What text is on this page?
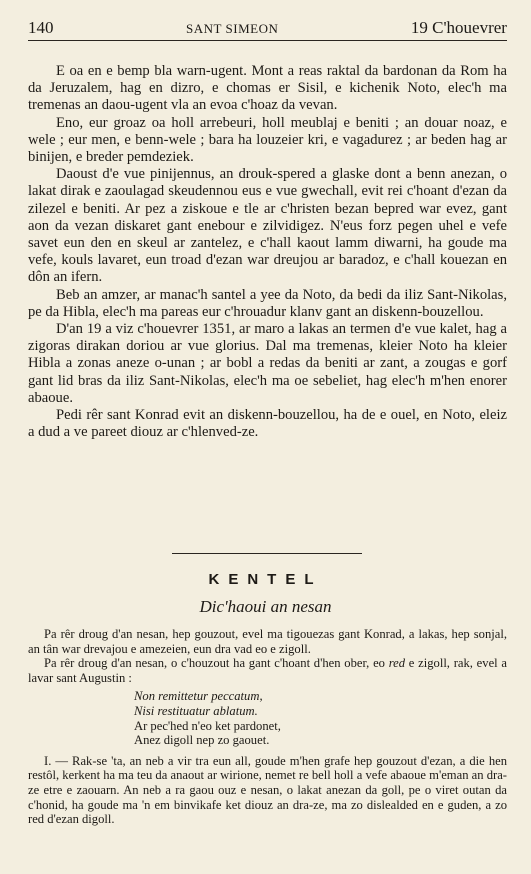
140	SANT SIMEON	19 C'houevrer

E oa en e bemp bla warn-ugent. Mont a reas raktal da bardonan da Rom ha da Jeruzalem, hag en dizro, e chomas er Sisil, e kichenik Noto, elec'h ma tremenas an daou-ugent vla an evoa c'hoaz da vevan.

Eno, eur groaz oa holl arrebeuri, holl meublaj e beniti ; an douar noaz, e wele ; eur men, e benn-wele ; bara ha louzeier kri, e vagadurez ; ar beden hag ar binijen, e breder pemdeziek.

Daoust d'e vue pinijennus, an drouk-spered a glaske dont a benn anezan, o lakat dirak e zaoulagad skeudennou eus e vue gwechall, evit rei c'hoant d'ezan da zilezel e beniti. Ar pez a ziskoue e tle ar c'hristen bezan bepred war evez, gant aon da vezan diskaret gant enebour e zilvidigez. N'eus forz pegen uhel e vefe savet eun den en skeul ar zantelez, e c'hall kaout lamm diwarni, ha goude ma vefe, kouls lavaret, eun troad d'ezan war dreujou ar baradoz, e c'hall kouezan en dôn an ifern.

Beb an amzer, ar manac'h santel a yee da Noto, da bedi da iliz Sant-Nikolas, pe da Hibla, elec'h ma pareas eur c'hrouadur klanv gant an diskenn-bouzellou.

D'an 19 a viz c'houevrer 1351, ar maro a lakas an termen d'e vue kalet, hag a zigoras dirakan doriou ar vue glorius. Dal ma tremenas, kleier Noto ha kleier Hibla a zonas aneze o-unan ; ar bobl a redas da beniti ar zant, a zougas e gorf gant lid bras da iliz Sant-Nikolas, elec'h ma oe sebeliet, hag elec'h m'hen enorer abaoue.

Pedi rêr sant Konrad evit an diskenn-bouzellou, ha de e ouel, en Noto, eleiz a dud a ve pareet diouz ar c'hlenved-ze.

KENTEL
Dic'haoui an nesan

Pa rêr droug d'an nesan, hep gouzout, evel ma tigouezas gant Konrad, a lakas, hep sonjal, an tân war drevajou e amezeien, eun dra vad eo e zigoll.

Pa rêr droug d'an nesan, o c'houzout ha gant c'hoant d'hen ober, eo red e zigoll, rak, evel a lavar sant Augustin :

Non remittetur peccatum,
Nisi restituatur ablatum.
Ar pec'hed n'eo ket pardonet,
Anez digoll nep zo gaouet.

I. — Rak-se 'ta, an neb a vir tra eun all, goude m'hen grafe hep gouzout d'ezan, a die hen restôl, kerkent ha ma teu da anaout ar wirione, nemet re bell holl a vefe abaoue m'eman an dra-ze etre e zaouarn. An neb a ra gaou ouz e nesan, o lakat anezan da goll, pe o viret outan da c'honid, ha goude ma 'n em binvikafe ket diouz an dra-ze, ma zo dislealded en e guden, a zo red d'ezan digoll.
